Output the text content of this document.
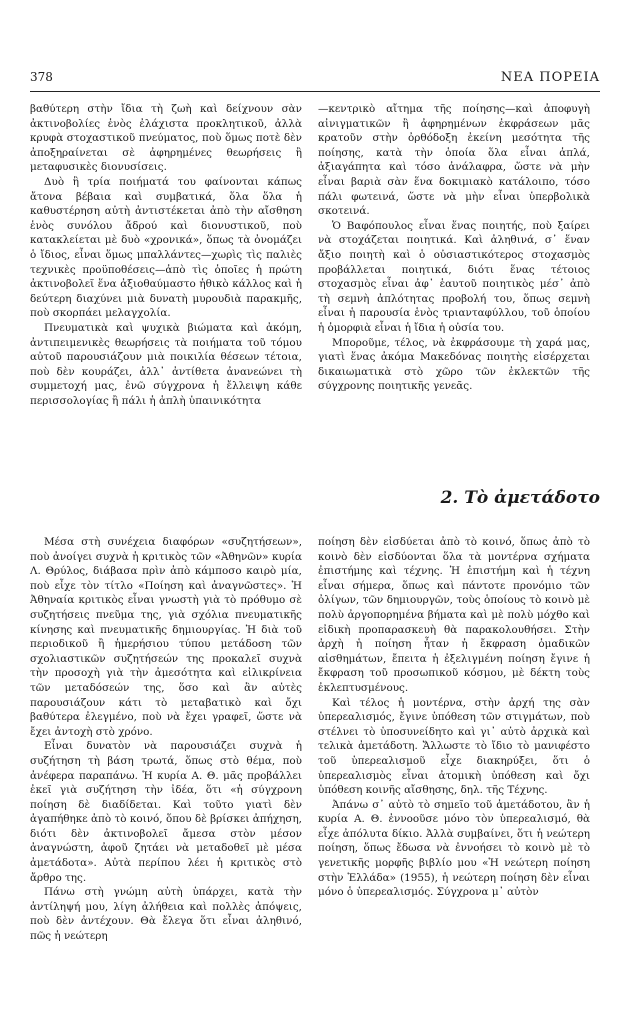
378	ΝΕΑ ΠΟΡΕΙΑ

βαθύτερη στὴν ἴδια τὴ ζωὴ καὶ δείχνουν σὰν ἀκτινοβολίες ἑνὸς ἐλάχιστα προκλητικοῦ, ἀλλὰ κρυφὰ στοχαστικοῦ πνεύματος, ποὺ ὅμως ποτὲ δὲν ἀποξηραίνεται σὲ ἀφηρημένες θεωρήσεις ἢ μεταφυσικὲς διονυσίσεις.

Δυὸ ἢ τρία ποιήματά του φαίνονται κάπως ἄτονα βέβαια καὶ συμβατικά, ὅλα ὅλα ἡ καθυστέρηση αὐτὴ ἀντιστέκεται ἀπὸ τὴν αἴσθηση ἑνὸς συνόλου ἄδρού καὶ διονυστικοῦ, ποὺ κατακλείεται μὲ δυὸ «χρονικά», ὅπως τὰ ὀνομάζει ὁ ἴδιος, εἶναι ὅμως μπαλλάντες—χωρὶς τὶς παλιὲς τεχνικὲς προϋποθέσεις—ἀπὸ τὶς ὁποῖες ἡ πρώτη ἀκτινοβολεῖ ἕνα ἀξιοθαύμαστο ἠθικὸ κάλλος καὶ ἡ δεύτερη διαχύνει μιὰ δυνατὴ μυρουδιὰ παρακμῆς, ποὺ σκορπάει μελαγχολία.

Πνευματικὰ καὶ ψυχικὰ βιώματα καὶ ἀκόμη, ἀντιπειμενικὲς θεωρήσεις τὰ ποιήματα τοῦ τόμου αὐτοῦ παρουσιάζουν μιὰ ποικιλία θέσεων τέτοια, ποὺ δὲν κουράζει, ἀλλ᾽ ἀντίθετα ἀνανεώνει τὴ συμμετοχή μας, ἐνῶ σύγχρονα ἡ ἔλλειψη κάθε περισσολογίας ἢ πάλι ἡ ἁπλὴ ὑπαινικότητα

—κεντρικὸ αἴτημα τῆς ποίησης—καὶ ἀποφυγὴ αἰνιγματικῶν ἢ ἀφηρημένων ἐκφράσεων μᾶς κρατοῦν στὴν ὀρθόδοξη ἐκείνη μεσότητα τῆς ποίησης, κατὰ τὴν ὁποία ὅλα εἶναι ἁπλά, ἀξιαγάπητα καὶ τόσο ἀνάλαφρα, ὥστε νὰ μὴν εἶναι βαριὰ σὰν ἕνα δοκιμιακὸ κατάλοιπο, τόσο πάλι φωτεινά, ὥστε νὰ μὴν εἶναι ὑπερβολικὰ σκοτεινά.

Ὁ Βαφόπουλος εἶναι ἕνας ποιητής, ποὺ ξαίρει νὰ στοχάζεται ποιητικά. Καὶ ἀληθινά, σ᾽ ἕναν ἄξιο ποιητὴ καὶ ὁ οὐσιαστικότερος στοχασμὸς προβάλλεται ποιητικά, διότι ἕνας τέτοιος στοχασμὸς εἶναι ἀφ᾽ ἑαυτοῦ ποιητικὸς μέσ᾽ ἀπὸ τὴ σεμνὴ ἀπλότητας προβολή του, ὅπως σεμνὴ εἶναι ἡ παρουσία ἑνὸς τριανταφύλλου, τοῦ ὁποίου ἡ ὀμορφιὰ εἶναι ἡ ἴδια ἡ οὐσία του.

Μποροῦμε, τέλος, νὰ ἐκφράσουμε τὴ χαρά μας, γιατὶ ἕνας ἀκόμα Μακεδόνας ποιητὴς εἰσέρχεται δικαιωματικὰ στὸ χῶρο τῶν ἐκλεκτῶν τῆς σύγχρονης ποιητικῆς γενεᾶς.

2. Τὸ ἀμετάδοτο

Μέσα στὴ συνέχεια διαφόρων «συζητήσεων», ποὺ ἀνοίγει συχνὰ ἡ κριτικὸς τῶν «Ἀθηνῶν» κυρία Λ. Θρύλος, διάβασα πρὶν ἀπὸ κάμποσο καιρὸ μία, ποὺ εἶχε τὸν τίτλο «Ποίηση καὶ ἀναγνῶστες». Ἡ Ἀθηναία κριτικὸς εἶναι γνωστὴ γιὰ τὸ πρόθυμο σὲ συζητήσεις πνεῦμα της, γιὰ σχόλια πνευματικῆς κίνησης καὶ πνευματικῆς δημιουργίας. Ἡ διὰ τοῦ περιοδικοῦ ἢ ἡμερήσιου τύπου μετάδοση τῶν σχολιαστικῶν συζητήσεών της προκαλεῖ συχνὰ τὴν προσοχὴ γιὰ τὴν ἀμεσότητα καὶ εἰλικρίνεια τῶν μεταδόσεών της, ὅσο καὶ ἂν αὐτὲς παρουσιάζουν κάτι τὸ μεταβατικὸ καὶ ὄχι βαθύτερα ἐλεγμένο, ποὺ νὰ ἔχει γραφεῖ, ὥστε νὰ ἔχει ἀντοχὴ στὸ χρόνο.

Εἶναι δυνατὸν νὰ παρουσιάζει συχνὰ ἡ συζήτηση τὴ βάση τρωτά, ὅπως στὸ θέμα, ποὺ ἀνέφερα παραπάνω. Ἡ κυρία Α. Θ. μᾶς προβάλλει ἐκεῖ γιὰ συζήτηση τὴν ἰδέα, ὅτι «ἡ σύγχρονη ποίηση δὲ διαδίδεται. Καὶ τοῦτο γιατὶ δὲν ἀγαπήθηκε ἀπὸ τὸ κοινό, ὅπου δὲ βρίσκει ἀπήχηση, διότι δὲν ἀκτινοβολεῖ ἄμεσα στὸν μέσον ἀναγνώστη, ἀφοῦ ζητάει νὰ μεταδοθεῖ μὲ μέσα ἀμετάδοτα». Αὐτὰ περίπου λέει ἡ κριτικὸς στὸ ἄρθρο της.

Πάνω στὴ γνώμη αὐτὴ ὑπάρχει, κατὰ τὴν ἀντίληψή μου, λίγη ἀλήθεια καὶ πολλὲς ἀπόψεις, ποὺ δὲν ἀντέχουν. Θὰ ἔλεγα ὅτι εἶναι ἀληθινό, πῶς ἡ νεώτερη

ποίηση δὲν εἰσδύεται ἀπὸ τὸ κοινό, ὅπως ἀπὸ τὸ κοινὸ δὲν εἰσδύονται ὅλα τὰ μοντέρνα σχήματα ἐπιστήμης καὶ τέχνης. Ἡ ἐπιστήμη καὶ ἡ τέχνη εἶναι σήμερα, ὅπως καὶ πάντοτε προνόμιο τῶν ὀλίγων, τῶν δημιουργῶν, τοὺς ὁποίους τὸ κοινὸ μὲ πολὺ ἀργοπορημένα βήματα καὶ μὲ πολὺ μόχθο καὶ εἰδικὴ προπαρασκευὴ θὰ παρακολουθήσει. Στὴν ἀρχὴ ἡ ποίηση ἦταν ἡ ἔκφραση ὁμαδικῶν αἰσθημάτων, ἔπειτα ἡ ἐξελιγμένη ποίηση ἔγινε ἡ ἔκφραση τοῦ προσωπικοῦ κόσμου, μὲ δέκτη τοὺς ἐκλεπτυσμένους.

Καὶ τέλος ἡ μοντέρνα, στὴν ἀρχή της σὰν ὑπερεαλισμός, ἔγινε ὑπόθεση τῶν στιγμάτων, ποὺ στέλνει τὸ ὑποσυνείδητο καὶ γι᾽ αὐτὸ ἀρχικὰ καὶ τελικὰ ἀμετάδοτη. Ἄλλωστε τὸ ἴδιο τὸ μανιφέστο τοῦ ὑπερεαλισμοῦ εἶχε διακηρύξει, ὅτι ὁ ὑπερεαλισμὸς εἶναι ἀτομικὴ ὑπόθεση καὶ ὄχι ὑπόθεση κοινῆς αἴσθησης, δηλ. τῆς Τέχνης.

Ἀπάνω σ᾽ αὐτὸ τὸ σημεῖο τοῦ ἀμετάδοτου, ἂν ἡ κυρία Α. Θ. ἐννοοῦσε μόνο τὸν ὑπερεαλισμό, θὰ εἶχε ἀπόλυτα δίκιο. Ἀλλὰ συμβαίνει, ὅτι ἡ νεώτερη ποίηση, ὅπως ἔδωσα νὰ ἐννοήσει τὸ κοινὸ μὲ τὸ γενετικῆς μορφῆς βιβλίο μου «Ἡ νεώτερη ποίηση στὴν Ἑλλάδα» (1955), ἡ νεώτερη ποίηση δὲν εἶναι μόνο ὁ ὑπερεαλισμός. Σύγχρονα μ᾽ αὐτὸν
